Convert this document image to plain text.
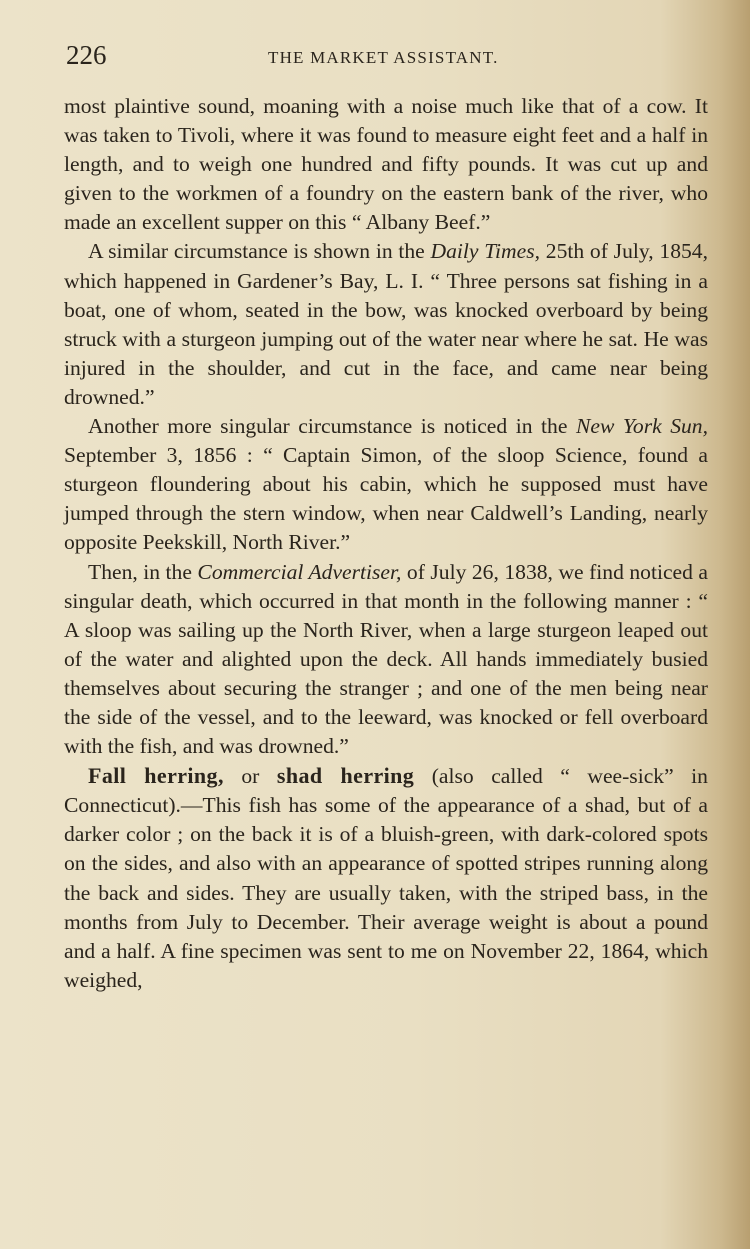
226	THE MARKET ASSISTANT.

most plaintive sound, moaning with a noise much like that of a cow. It was taken to Tivoli, where it was found to measure eight feet and a half in length, and to weigh one hundred and fifty pounds. It was cut up and given to the workmen of a foundry on the eastern bank of the river, who made an excellent supper on this “ Albany Beef.”

A similar circumstance is shown in the Daily Times, 25th of July, 1854, which happened in Gardener’s Bay, L. I. “ Three persons sat fishing in a boat, one of whom, seated in the bow, was knocked overboard by being struck with a sturgeon jumping out of the water near where he sat. He was injured in the shoulder, and cut in the face, and came near being drowned.”

Another more singular circumstance is noticed in the New York Sun, September 3, 1856 : “ Captain Simon, of the sloop Science, found a sturgeon floundering about his cabin, which he supposed must have jumped through the stern window, when near Caldwell’s Landing, nearly opposite Peekskill, North River.”

Then, in the Commercial Advertiser, of July 26, 1838, we find noticed a singular death, which occurred in that month in the following manner : “ A sloop was sailing up the North River, when a large sturgeon leaped out of the water and alighted upon the deck. All hands immediately busied themselves about securing the stranger ; and one of the men being near the side of the vessel, and to the leeward, was knocked or fell overboard with the fish, and was drowned.”

Fall herring, or shad herring (also called “ wee-sick” in Connecticut).—This fish has some of the appearance of a shad, but of a darker color ; on the back it is of a bluish-green, with dark-colored spots on the sides, and also with an appearance of spotted stripes running along the back and sides. They are usually taken, with the striped bass, in the months from July to December. Their average weight is about a pound and a half. A fine specimen was sent to me on November 22, 1864, which weighed,
